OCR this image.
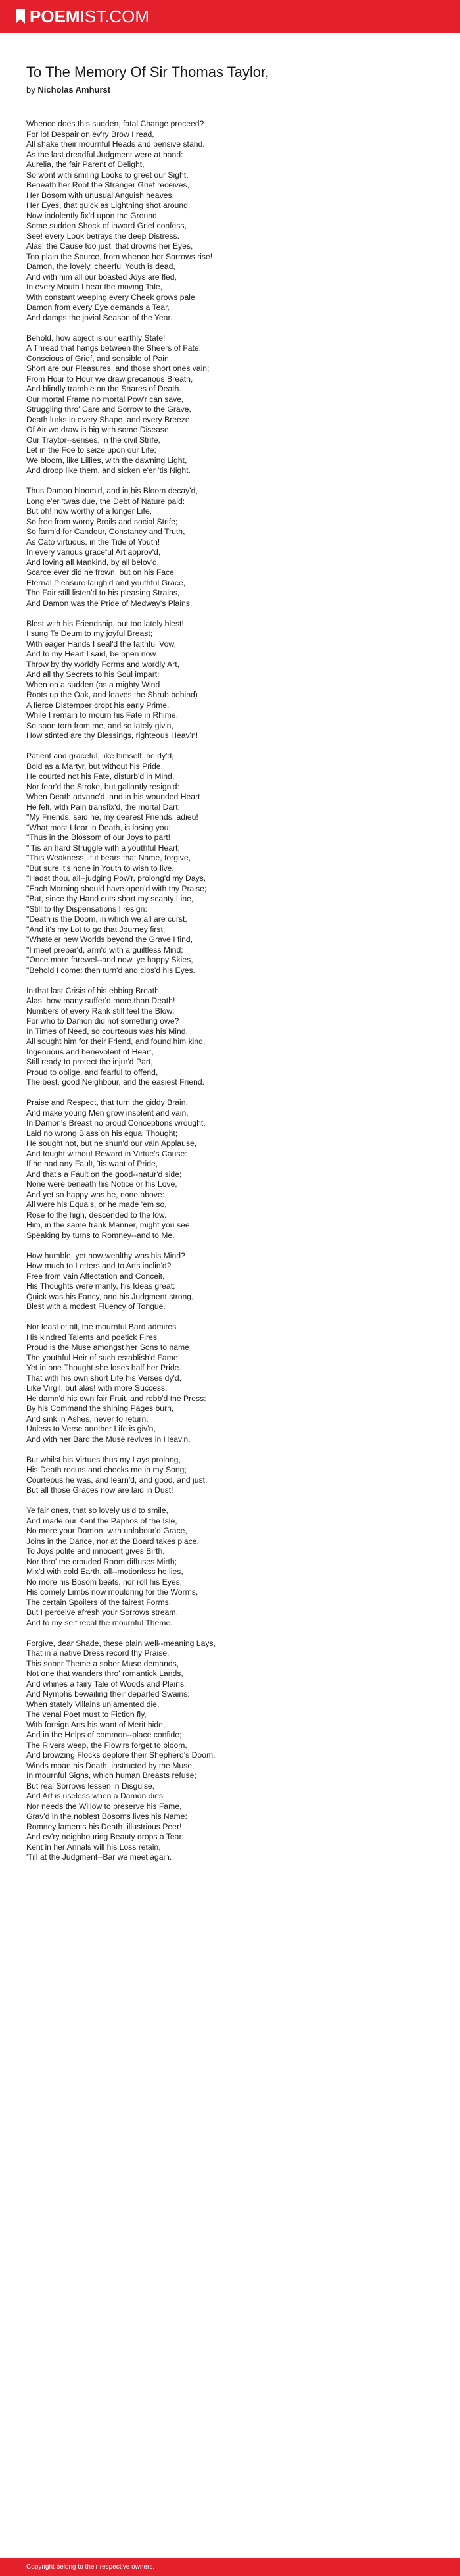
POEMIST.COM
To The Memory Of Sir Thomas Taylor,
by Nicholas Amhurst
Whence does this sudden, fatal Change proceed?
For lo! Despair on ev'ry Brow I read,
All shake their mournful Heads and pensive stand.
As the last dreadful Judgment were at hand:
Aurelia, the fair Parent of Delight,
So wont with smiling Looks to greet our Sight,
Beneath her Roof the Stranger Grief receives,
Her Bosom with unusual Anguish heaves,
Her Eyes, that quick as Lightning shot around,
Now indolently fix'd upon the Ground,
Some sudden Shock of inward Grief confess,
See! every Look betrays the deep Distress.
Alas! the Cause too just, that drowns her Eyes,
Too plain the Source, from whence her Sorrows rise!
Damon, the lovely, cheerful Youth is dead,
And with him all our boasted Joys are fled,
In every Mouth I hear the moving Tale,
With constant weeping every Cheek grows pale,
Damon from every Eye demands a Tear,
And damps the jovial Season of the Year.
Behold, how abject is our earthly State!
A Thread that hangs between the Sheers of Fate:
Conscious of Grief, and sensible of Pain,
Short are our Pleasures, and those short ones vain;
From Hour to Hour we draw precarious Breath,
And blindly tramble on the Snares of Death.
Our mortal Frame no mortal Pow'r can save,
Struggling thro' Care and Sorrow to the Grave,
Death lurks in every Shape, and every Breeze
Of Air we draw is big with some Disease,
Our Traytor--senses, in the civil Strife,
Let in the Foe to seize upon our Life;
We bloom, like Lillies, with the dawning Light,
And droop like them, and sicken e'er 'tis Night.
Thus Damon bloom'd, and in his Bloom decay'd,
Long e'er 'twas due, the Debt of Nature paid:
But oh! how worthy of a longer Life,
So free from wordy Broils and social Strife;
So farm'd for Candour, Constancy and Truth,
As Cato virtuous, in the Tide of Youth!
In every various graceful Art approv'd,
And loving all Mankind, by all belov'd.
Scarce ever did he frown, but on his Face
Eternal Pleasure laugh'd and youthful Grace,
The Fair still listen'd to his pleasing Strains,
And Damon was the Pride of Medway's Plains.
Blest with his Friendship, but too lately blest!
I sung Te Deum to my joyful Breast;
With eager Hands I seal'd the faithful Vow,
And to my Heart I said, be open now.
Throw by thy worldly Forms and wordly Art,
And all thy Secrets to his Soul impart:
When on a sudden (as a mighty Wind
Roots up the Oak, and leaves the Shrub behind)
A fierce Distemper cropt his early Prime,
While I remain to mourn his Fate in Rhime.
So soon torn from me, and so lately giv'n,
How stinted are thy Blessings, righteous Heav'n!
Patient and graceful, like himself, he dy'd,
Bold as a Martyr, but without his Pride,
He courted not his Fate, disturb'd in Mind,
Nor fear'd the Stroke, but gallantly resign'd:
When Death advanc'd, and in his wounded Heart
He felt, with Pain transfix'd, the mortal Dart;
"My Friends, said he, my dearest Friends, adieu!
"What most I fear in Death, is losing you;
"Thus in the Blossom of our Joys to part!
"'Tis an hard Struggle with a youthful Heart;
"This Weakness, if it bears that Name, forgive,
"But sure it's none in Youth to wish to live.
"Hadst thou, all--judging Pow'r, prolong'd my Days,
"Each Morning should have open'd with thy Praise;
"But, since thy Hand cuts short my scanty Line,
"Still to thy Dispensations I resign:
"Death is the Doom, in which we all are curst,
"And it's my Lot to go that Journey first;
"Whate'er new Worlds beyond the Grave I find,
"I meet prepar'd, arm'd with a guiltless Mind;
"Once more farewel--and now, ye happy Skies,
"Behold I come: then turn'd and clos'd his Eyes.
In that last Crisis of his ebbing Breath,
Alas! how many suffer'd more than Death!
Numbers of every Rank still feel the Blow;
For who to Damon did not something owe?
In Times of Need, so courteous was his Mind,
All sought him for their Friend, and found him kind,
Ingenuous and benevolent of Heart,
Still ready to protect the injur'd Part,
Proud to oblige, and fearful to offend,
The best, good Neighbour, and the easiest Friend.
Praise and Respect, that turn the giddy Brain,
And make young Men grow insolent and vain,
In Damon's Breast no proud Conceptions wrought,
Laid no wrong Biass on his equal Thought;
He sought not, but he shun'd our vain Applause,
And fought without Reward in Virtue's Cause:
If he had any Fault, 'tis want of Pride,
And that's a Fault on the good--natur'd side;
None were beneath his Notice or his Love,
And yet so happy was he, none above:
All were his Equals, or he made 'em so,
Rose to the high, descended to the low.
Him, in the same frank Manner, might you see
Speaking by turns to Romney--and to Me.
How humble, yet how wealthy was his Mind?
How much to Letters and to Arts inclin'd?
Free from vain Affectation and Conceit,
His Thoughts were manly, his Ideas great;
Quick was his Fancy, and his Judgment strong,
Blest with a modest Fluency of Tongue.
Nor least of all, the mournful Bard admires
His kindred Talents and poetick Fires.
Proud is the Muse amongst her Sons to name
The youthful Heir of such establish'd Fame;
Yet in one Thought she loses half her Pride.
That with his own short Life his Verses dy'd,
Like Virgil, but alas! with more Success,
He damn'd his own fair Fruit, and robb'd the Press:
By his Command the shining Pages burn,
And sink in Ashes, never to return,
Unless to Verse another Life is giv'n,
And with her Bard the Muse revives in Heav'n.
But whilst his Virtues thus my Lays prolong,
His Death recurs and checks me in my Song;
Courteous he was, and learn'd, and good, and just,
But all those Graces now are laid in Dust!
Ye fair ones, that so lovely us'd to smile,
And made our Kent the Paphos of the Isle,
No more your Damon, with unlabour'd Grace,
Joins in the Dance, nor at the Board takes place,
To Joys polite and innocent gives Birth,
Nor thro' the crouded Room diffuses Mirth;
Mix'd with cold Earth, all--motionless he lies,
No more his Bosom beats, nor roll his Eyes;
His comely Limbs now mouldring for the Worms,
The certain Spoilers of the fairest Forms!
But I perceive afresh your Sorrows stream,
And to my self recal the mournful Theme.
Forgive, dear Shade, these plain well--meaning Lays,
That in a native Dress record thy Praise,
This sober Theme a sober Muse demands,
Not one that wanders thro' romantick Lands,
And whines a fairy Tale of Woods and Plains,
And Nymphs bewailing their departed Swains:
When stately Villains unlamented die,
The venal Poet must to Fiction fly,
With foreign Arts his want of Merit hide,
And in the Helps of common--place confide;
The Rivers weep, the Flow'rs forget to bloom,
And browzing Flocks deplore their Shepherd's Doom,
Winds moan his Death, instructed by the Muse,
In mournful Sighs, which human Breasts refuse;
But real Sorrows lessen in Disguise,
And Art is useless when a Damon dies.
Nor needs the Willow to preserve his Fame,
Grav'd in the noblest Bosoms lives his Name:
Romney laments his Death, illustrious Peer!
And ev'ry neighbouring Beauty drops a Tear:
Kent in her Annals will his Loss retain,
'Till at the Judgment--Bar we meet again.
Copyright belong to their respective owners.
